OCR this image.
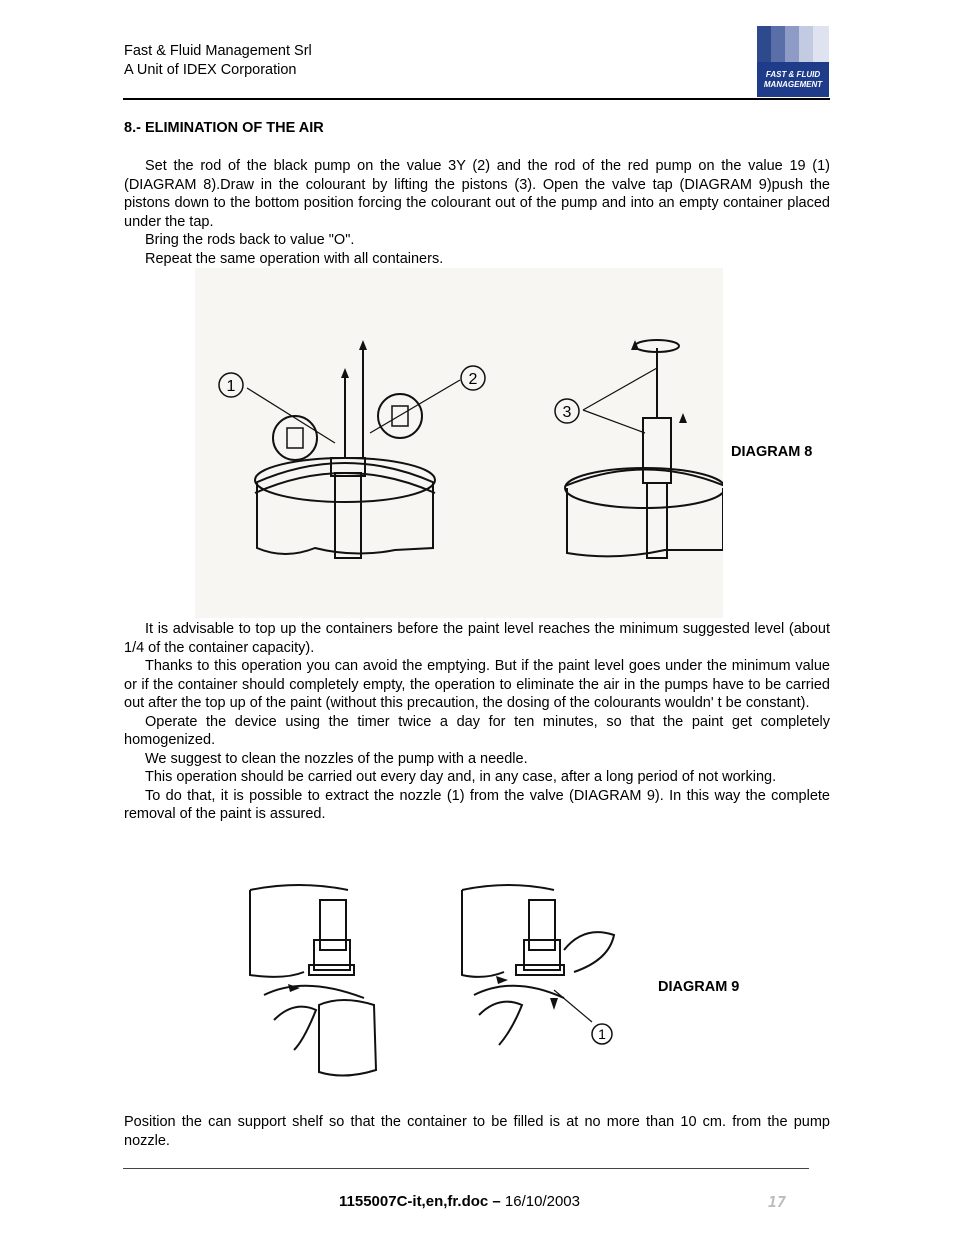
Fast & Fluid Management Srl
A Unit of IDEX Corporation	FAST & FLUID
MANAGEMENT
8.- ELIMINATION OF THE AIR

Set the rod of the black pump on the value 3Y (2) and the rod of the red pump on the value 19 (1) (DIAGRAM 8).Draw in the colourant by lifting the pistons (3). Open the valve tap (DIAGRAM 9)push the pistons down to the bottom position forcing the colourant out of the pump and into an empty container placed under the tap.

Bring the rods back to value "O".

Repeat the same operation with all containers.

1	2
3
DIAGRAM 8

It is advisable to top up the containers before the paint level reaches the minimum suggested level (about 1/4 of the container capacity).

Thanks to this operation you can avoid the emptying. But if the paint level goes under the minimum value or if the container should completely empty, the operation to eliminate the air in the pumps have to be carried out after the top up of the paint (without this precaution, the dosing of the colourants wouldn' t be constant).

Operate the device using the timer twice a day for ten minutes, so that the paint get completely homogenized.

We suggest to clean the nozzles of the pump with a needle.

This operation should be carried out every day and, in any case, after a long period of not working.

To do that, it is possible to extract the nozzle (1) from the valve (DIAGRAM 9). In this way the complete removal of the paint is assured.

1
DIAGRAM 9

Position the can support shelf so that the container to be filled is at no more than 10 cm. from the pump nozzle.

1155007C-it,en,fr.doc – 16/10/2003	17
